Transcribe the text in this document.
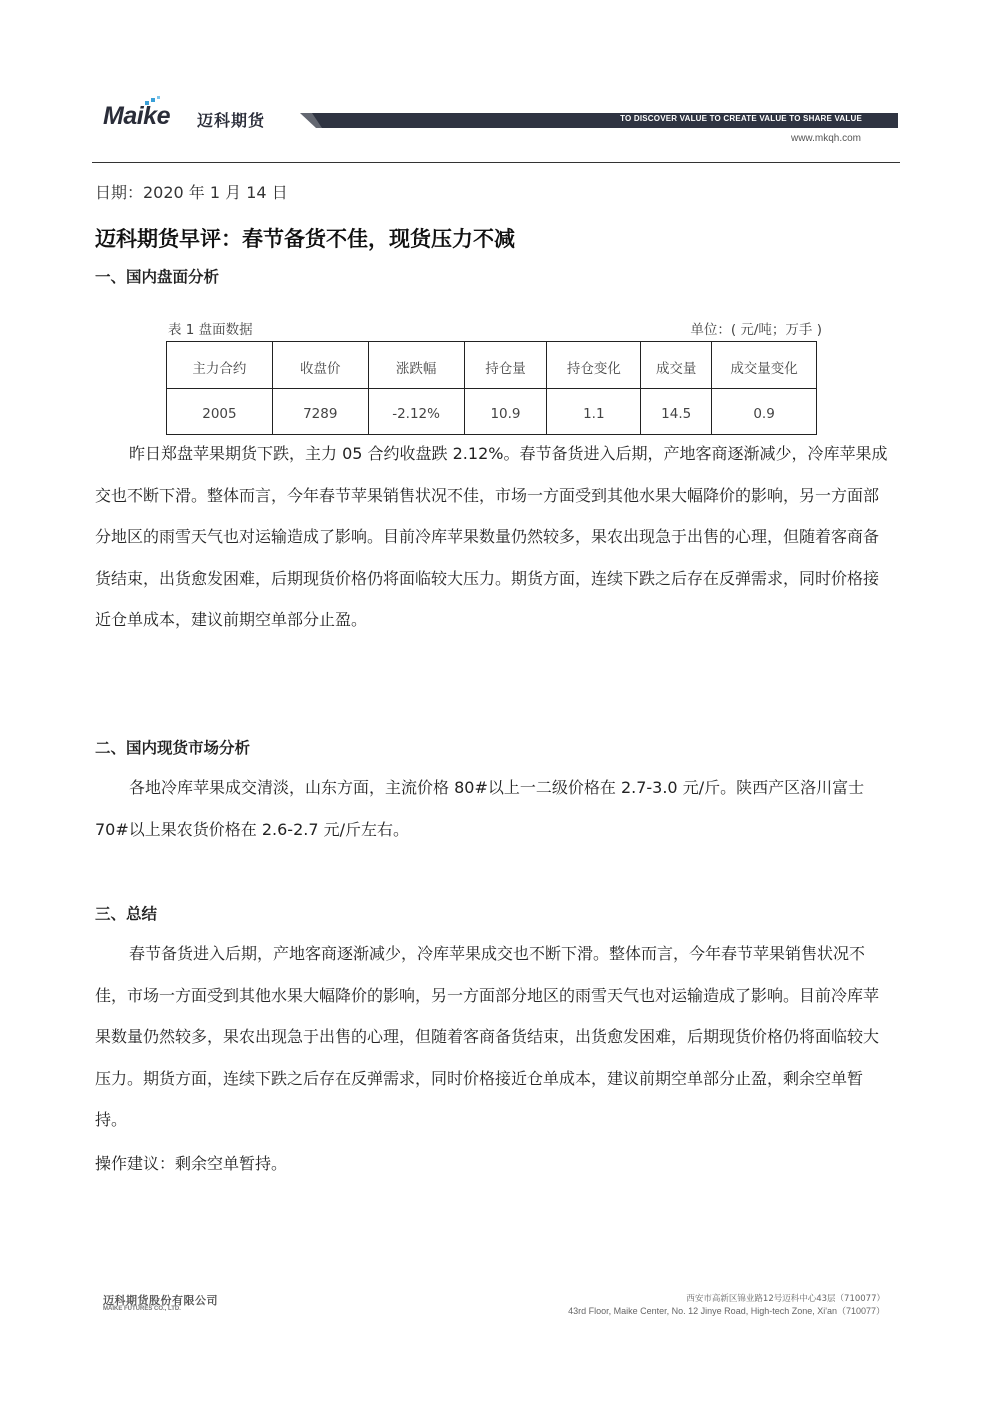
Maike 迈科期货	TO DISCOVER VALUE TO CREATE VALUE TO SHARE VALUE
www.mkqh.com
日期：2020 年 1 月 14 日
迈科期货早评：春节备货不佳，现货压力不减
一、国内盘面分析
表 1 盘面数据	单位：( 元/吨；万手 )
主力合约	收盘价	涨跌幅	持仓量	持仓变化	成交量	成交量变化
2005	7289	-2.12%	10.9	1.1	14.5	0.9

昨日郑盘苹果期货下跌，主力 05 合约收盘跌 2.12%。春节备货进入后期，产地客商逐渐减少，冷库苹果成交也不断下滑。整体而言，今年春节苹果销售状况不佳，市场一方面受到其他水果大幅降价的影响，另一方面部分地区的雨雪天气也对运输造成了影响。目前冷库苹果数量仍然较多，果农出现急于出售的心理，但随着客商备货结束，出货愈发困难，后期现货价格仍将面临较大压力。期货方面，连续下跌之后存在反弹需求，同时价格接近仓单成本，建议前期空单部分止盈。

二、国内现货市场分析

各地冷库苹果成交清淡，山东方面，主流价格 80#以上一二级价格在 2.7-3.0 元/斤。陕西产区洛川富士 70#以上果农货价格在 2.6-2.7 元/斤左右。

三、总结

春节备货进入后期，产地客商逐渐减少，冷库苹果成交也不断下滑。整体而言，今年春节苹果销售状况不佳，市场一方面受到其他水果大幅降价的影响，另一方面部分地区的雨雪天气也对运输造成了影响。目前冷库苹果数量仍然较多，果农出现急于出售的心理，但随着客商备货结束，出货愈发困难，后期现货价格仍将面临较大压力。期货方面，连续下跌之后存在反弹需求，同时价格接近仓单成本，建议前期空单部分止盈，剩余空单暂持。

操作建议：剩余空单暂持。
迈科期货股份有限公司
MAIKE FUTURES CO., LTD.
西安市高新区锦业路12号迈科中心43层（710077）
43rd Floor, Maike Center, No. 12 Jinye Road, High-tech Zone, Xi'an（710077）
